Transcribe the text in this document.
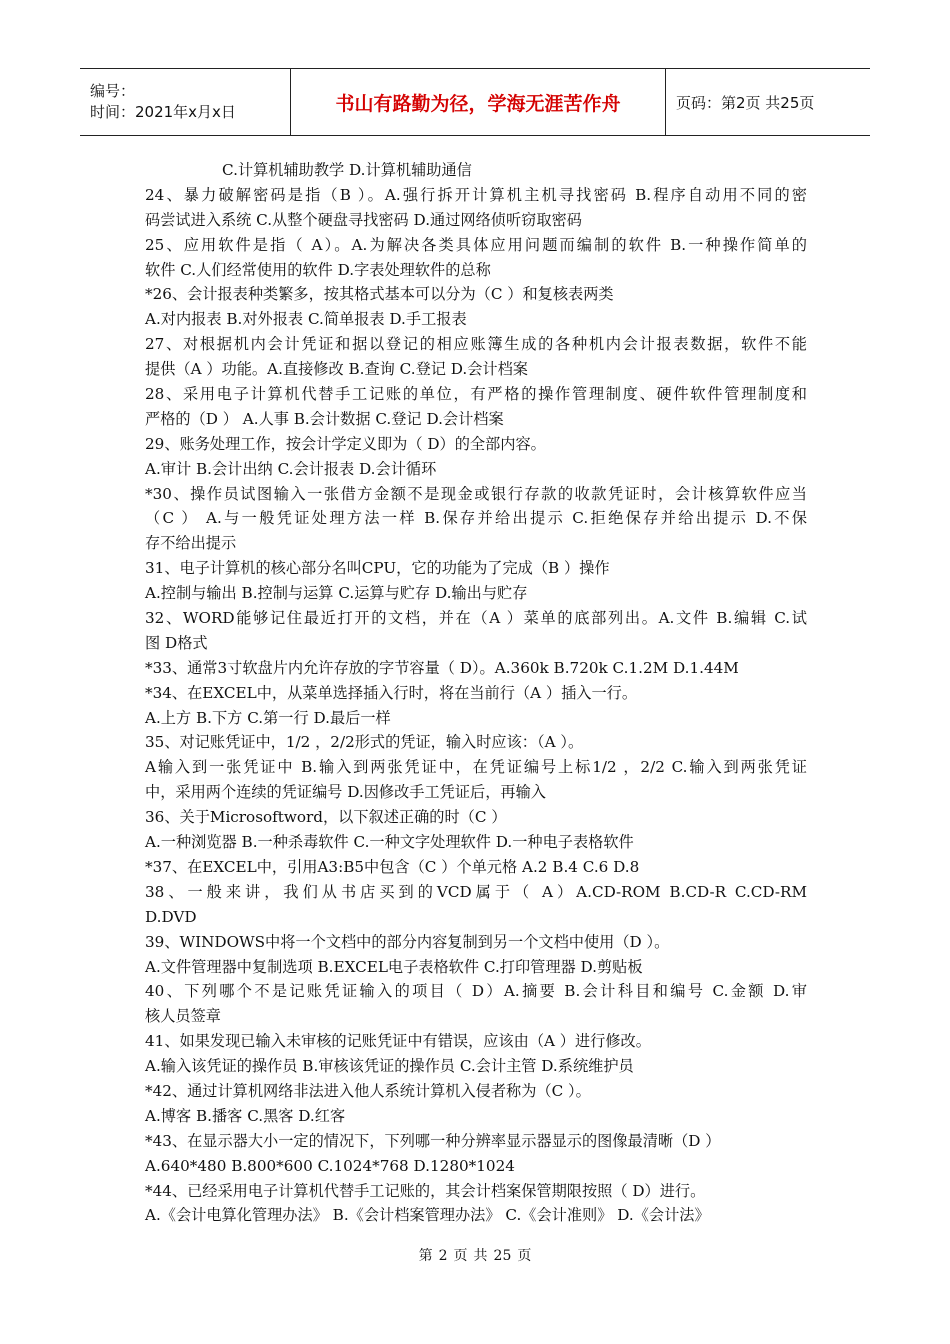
编号：
时间：2021年x月x日	书山有路勤为径，学海无涯苦作舟	页码：第2页 共25页
C.计算机辅助教学 D.计算机辅助通信
24、暴力破解密码是指（B ）。A.强行拆开计算机主机寻找密码 B.程序自动用不同的密
码尝试进入系统 C.从整个硬盘寻找密码 D.通过网络侦听窃取密码
25、应用软件是指（ A）。A.为解决各类具体应用问题而编制的软件 B.一种操作简单的
软件 C.人们经常使用的软件 D.字表处理软件的总称
*26、会计报表种类繁多，按其格式基本可以分为（C ）和复核表两类
A.对内报表 B.对外报表 C.简单报表 D.手工报表
27、对根据机内会计凭证和据以登记的相应账簿生成的各种机内会计报表数据，软件不能
提供（A ）功能。A.直接修改 B.查询 C.登记 D.会计档案
28、采用电子计算机代替手工记账的单位，有严格的操作管理制度、硬件软件管理制度和
严格的（D ） A.人事 B.会计数据 C.登记 D.会计档案
29、账务处理工作，按会计学定义即为（ D）的全部内容。
A.审计 B.会计出纳 C.会计报表 D.会计循环
*30、操作员试图输入一张借方金额不是现金或银行存款的收款凭证时，会计核算软件应当
（C ） A.与一般凭证处理方法一样 B.保存并给出提示 C.拒绝保存并给出提示 D.不保
存不给出提示
31、电子计算机的核心部分名叫CPU，它的功能为了完成（B ）操作
A.控制与输出 B.控制与运算 C.运算与贮存 D.输出与贮存
32、WORD能够记住最近打开的文档，并在（A ）菜单的底部列出。A.文件 B.编辑 C.试
图 D格式
*33、通常3寸软盘片内允许存放的字节容量（ D）。A.360k B.720k C.1.2M D.1.44M
*34、在EXCEL中，从菜单选择插入行时，将在当前行（A ）插入一行。
A.上方 B.下方 C.第一行 D.最后一样
35、对记账凭证中，1/2 ，2/2形式的凭证，输入时应该：（A ）。
A输入到一张凭证中 B.输入到两张凭证中，在凭证编号上标1/2 ，2/2 C.输入到两张凭证
中，采用两个连续的凭证编号 D.因修改手工凭证后，再输入
36、关于Microsoftword，以下叙述正确的时（C ）
A.一种浏览器 B.一种杀毒软件 C.一种文字处理软件 D.一种电子表格软件
*37、在EXCEL中，引用A3:B5中包含（C ）个单元格 A.2 B.4 C.6 D.8
38、一般来讲，我们从书店买到的VCD属于（ A）A.CD-ROM B.CD-R C.CD-RM
D.DVD
39、WINDOWS中将一个文档中的部分内容复制到另一个文档中使用（D ）。
A.文件管理器中复制选项 B.EXCEL电子表格软件 C.打印管理器 D.剪贴板
40、下列哪个不是记账凭证输入的项目（ D）A.摘要 B.会计科目和编号 C.金额 D.审
核人员签章
41、如果发现已输入未审核的记账凭证中有错误，应该由（A ）进行修改。
A.输入该凭证的操作员 B.审核该凭证的操作员 C.会计主管 D.系统维护员
*42、通过计算机网络非法进入他人系统计算机入侵者称为（C ）。
A.博客 B.播客 C.黑客 D.红客
*43、在显示器大小一定的情况下，下列哪一种分辨率显示器显示的图像最清晰（D ）
A.640*480 B.800*600 C.1024*768 D.1280*1024
*44、已经采用电子计算机代替手工记账的，其会计档案保管期限按照（ D）进行。
A.《会计电算化管理办法》 B.《会计档案管理办法》 C.《会计准则》 D.《会计法》
第 2 页 共 25 页
